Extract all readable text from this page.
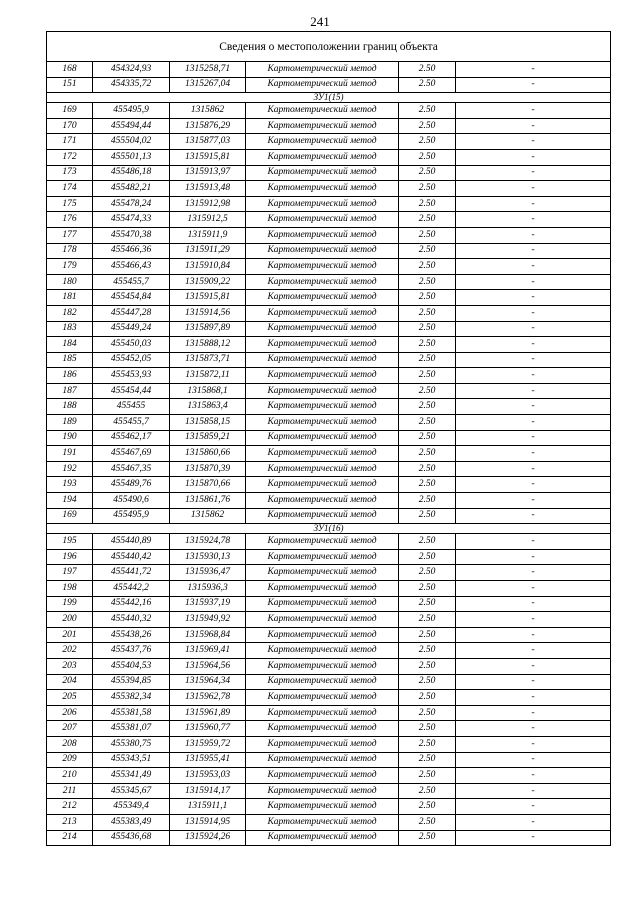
241
Сведения о местоположении границ объекта					
168	454324,93	1315258,71	Картометрический метод	2.50	-
151	454335,72	1315267,04	Картометрический метод	2.50	-
ЗУ1(15)					
169	455495,9	1315862	Картометрический метод	2.50	-
170	455494,44	1315876,29	Картометрический метод	2.50	-
171	455504,02	1315877,03	Картометрический метод	2.50	-
172	455501,13	1315915,81	Картометрический метод	2.50	-
173	455486,18	1315913,97	Картометрический метод	2.50	-
174	455482,21	1315913,48	Картометрический метод	2.50	-
175	455478,24	1315912,98	Картометрический метод	2.50	-
176	455474,33	1315912,5	Картометрический метод	2.50	-
177	455470,38	1315911,9	Картометрический метод	2.50	-
178	455466,36	1315911,29	Картометрический метод	2.50	-
179	455466,43	1315910,84	Картометрический метод	2.50	-
180	455455,7	1315909,22	Картометрический метод	2.50	-
181	455454,84	1315915,81	Картометрический метод	2.50	-
182	455447,28	1315914,56	Картометрический метод	2.50	-
183	455449,24	1315897,89	Картометрический метод	2.50	-
184	455450,03	1315888,12	Картометрический метод	2.50	-
185	455452,05	1315873,71	Картометрический метод	2.50	-
186	455453,93	1315872,11	Картометрический метод	2.50	-
187	455454,44	1315868,1	Картометрический метод	2.50	-
188	455455	1315863,4	Картометрический метод	2.50	-
189	455455,7	1315858,15	Картометрический метод	2.50	-
190	455462,17	1315859,21	Картометрический метод	2.50	-
191	455467,69	1315860,66	Картометрический метод	2.50	-
192	455467,35	1315870,39	Картометрический метод	2.50	-
193	455489,76	1315870,66	Картометрический метод	2.50	-
194	455490,6	1315861,76	Картометрический метод	2.50	-
169	455495,9	1315862	Картометрический метод	2.50	-
ЗУ1(16)					
195	455440,89	1315924,78	Картометрический метод	2.50	-
196	455440,42	1315930,13	Картометрический метод	2.50	-
197	455441,72	1315936,47	Картометрический метод	2.50	-
198	455442,2	1315936,3	Картометрический метод	2.50	-
199	455442,16	1315937,19	Картометрический метод	2.50	-
200	455440,32	1315949,92	Картометрический метод	2.50	-
201	455438,26	1315968,84	Картометрический метод	2.50	-
202	455437,76	1315969,41	Картометрический метод	2.50	-
203	455404,53	1315964,56	Картометрический метод	2.50	-
204	455394,85	1315964,34	Картометрический метод	2.50	-
205	455382,34	1315962,78	Картометрический метод	2.50	-
206	455381,58	1315961,89	Картометрический метод	2.50	-
207	455381,07	1315960,77	Картометрический метод	2.50	-
208	455380,75	1315959,72	Картометрический метод	2.50	-
209	455343,51	1315955,41	Картометрический метод	2.50	-
210	455341,49	1315953,03	Картометрический метод	2.50	-
211	455345,67	1315914,17	Картометрический метод	2.50	-
212	455349,4	1315911,1	Картометрический метод	2.50	-
213	455383,49	1315914,95	Картометрический метод	2.50	-
214	455436,68	1315924,26	Картометрический метод	2.50	-
